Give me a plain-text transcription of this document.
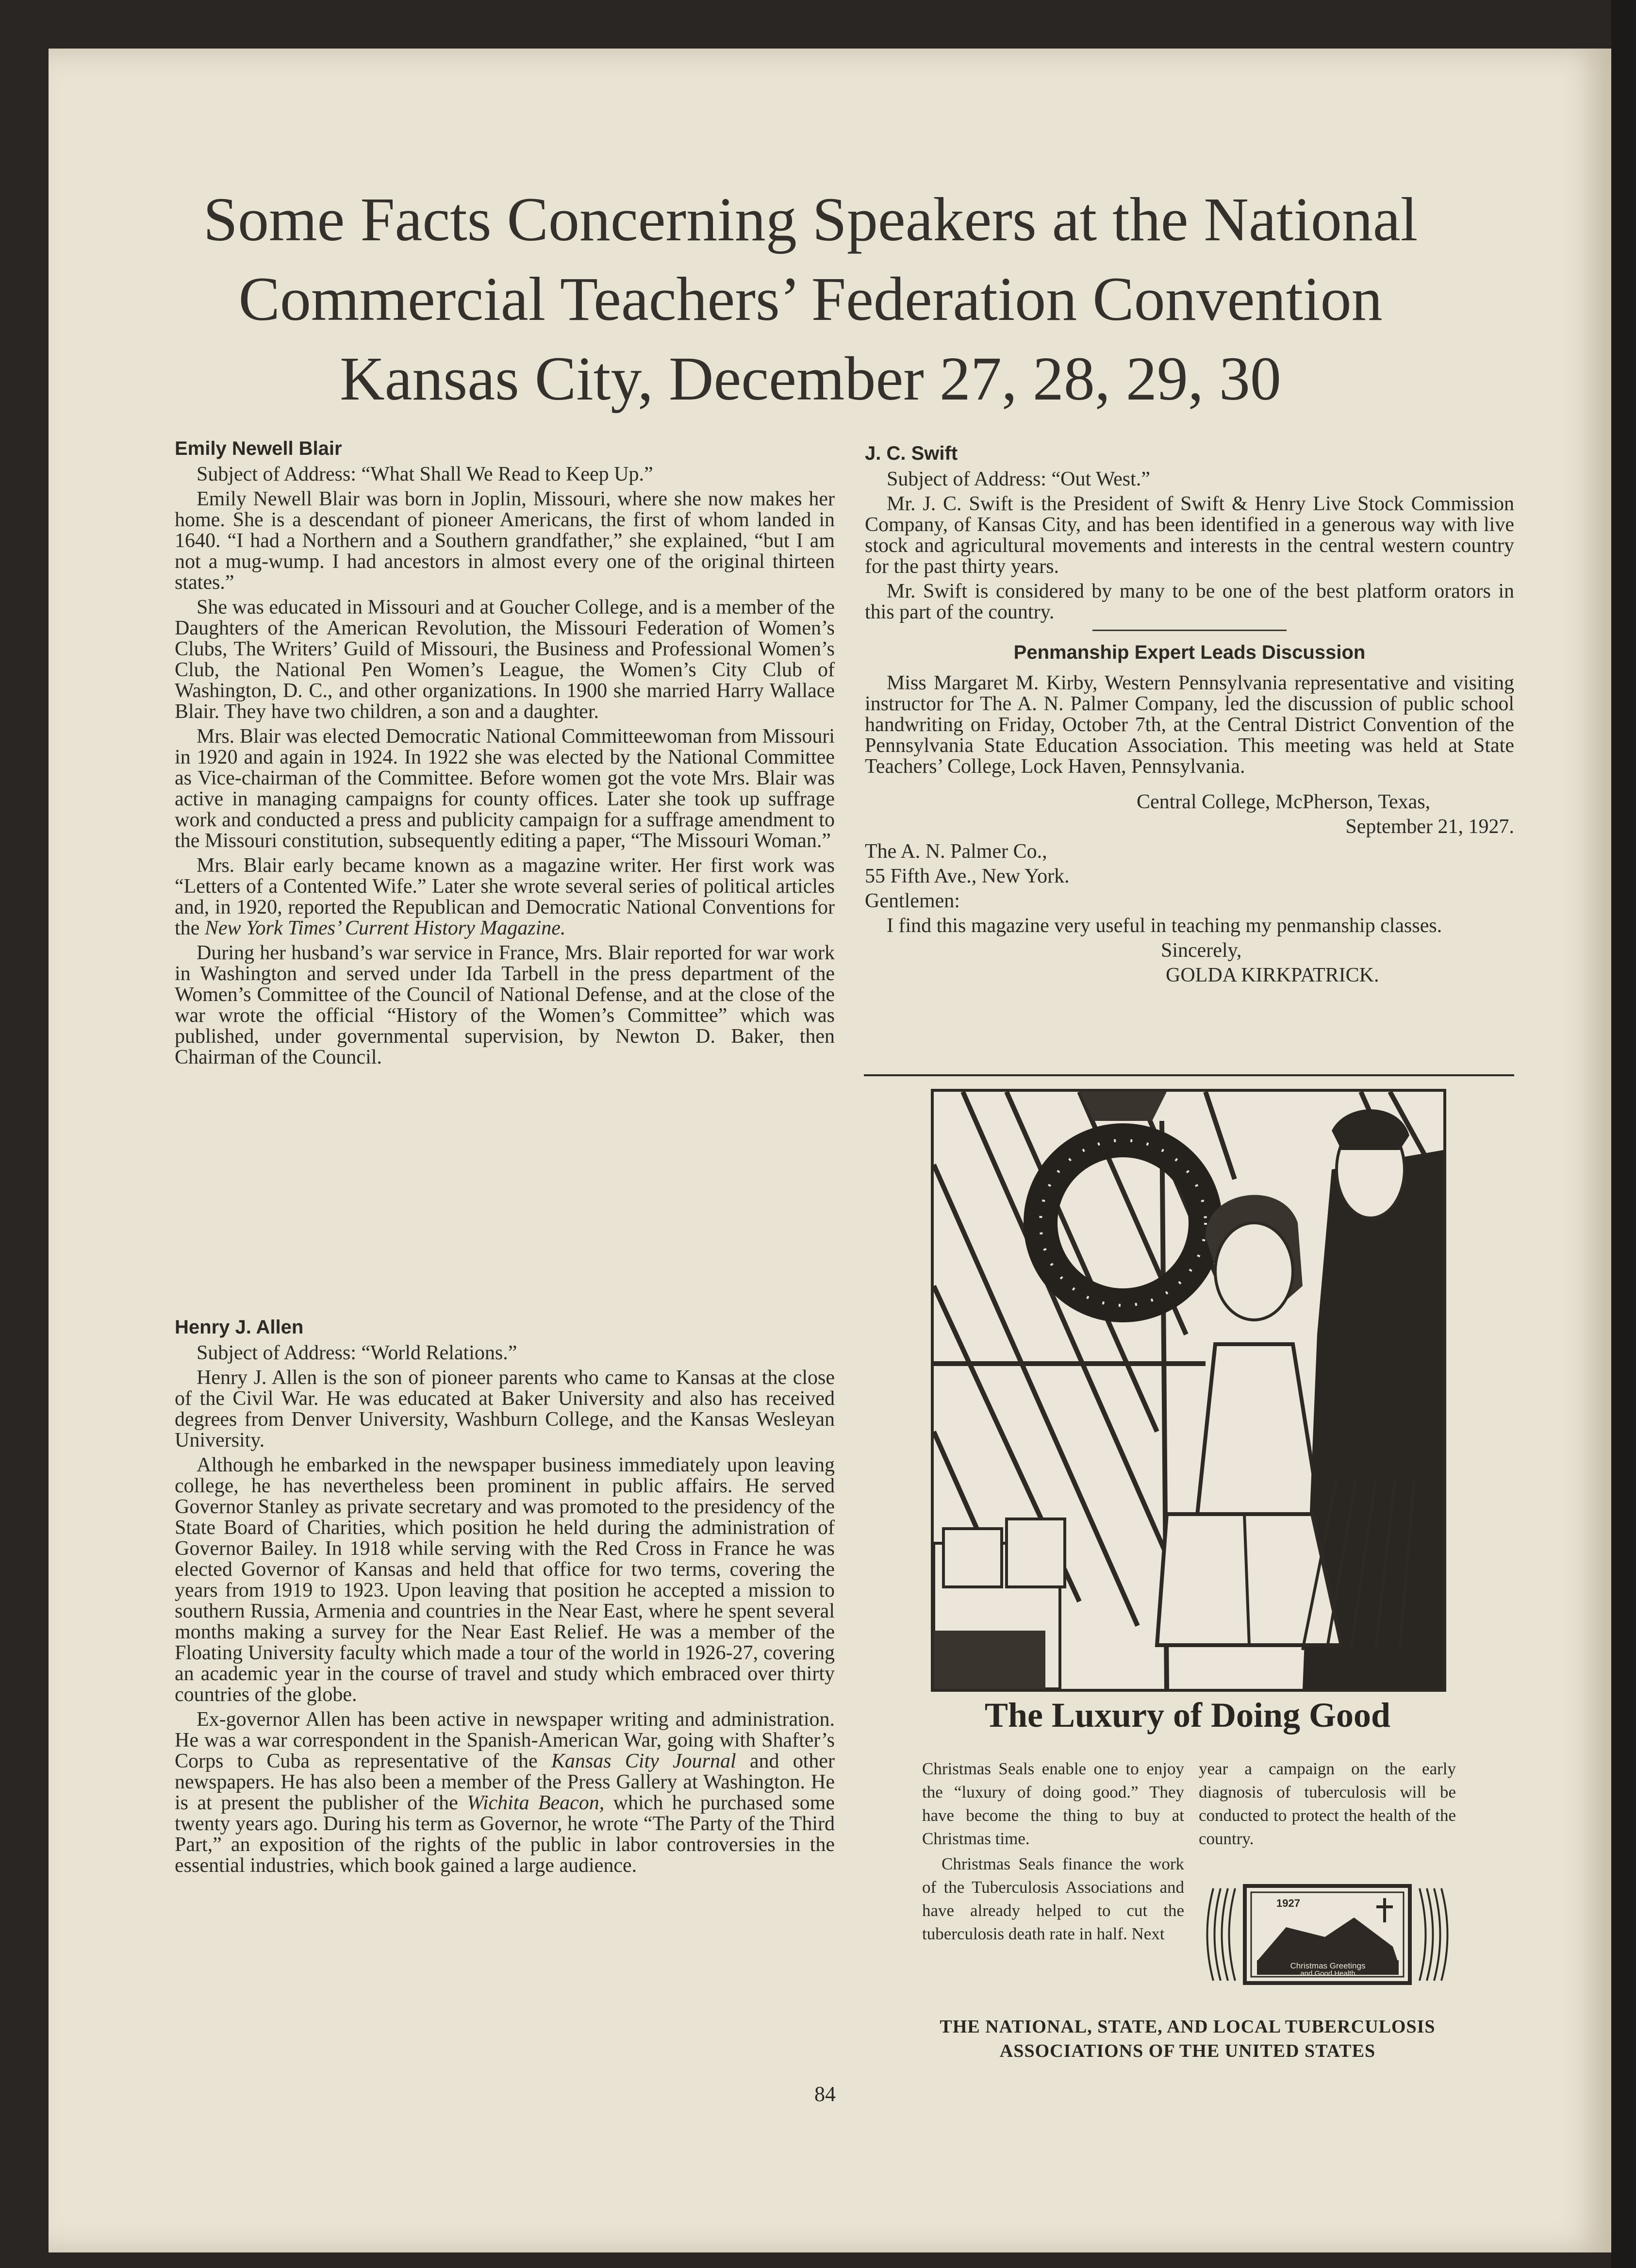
Some Facts Concerning Speakers at the National
Commercial Teachers’ Federation Convention
Kansas City, December 27, 28, 29, 30

Emily Newell Blair

Subject of Address: “What Shall We Read to Keep Up.”

Emily Newell Blair was born in Joplin, Missouri, where she now makes her home. She is a descendant of pioneer Americans, the first of whom landed in 1640. “I had a Northern and a Southern grandfather,” she explained, “but I am not a mug-wump. I had ancestors in almost every one of the original thirteen states.”

She was educated in Missouri and at Goucher College, and is a member of the Daughters of the American Revolution, the Missouri Federation of Women’s Clubs, The Writers’ Guild of Missouri, the Business and Professional Women’s Club, the National Pen Women’s League, the Women’s City Club of Washington, D. C., and other organizations. In 1900 she married Harry Wallace Blair. They have two children, a son and a daughter.

Mrs. Blair was elected Democratic National Committeewoman from Missouri in 1920 and again in 1924. In 1922 she was elected by the National Committee as Vice-chairman of the Committee. Before women got the vote Mrs. Blair was active in managing campaigns for county offices. Later she took up suffrage work and conducted a press and publicity campaign for a suffrage amendment to the Missouri constitution, subsequently editing a paper, “The Missouri Woman.”

Mrs. Blair early became known as a magazine writer. Her first work was “Letters of a Contented Wife.” Later she wrote several series of political articles and, in 1920, reported the Republican and Democratic National Conventions for the New York Times’ Current History Magazine.

During her husband’s war service in France, Mrs. Blair reported for war work in Washington and served under Ida Tarbell in the press department of the Women’s Committee of the Council of National Defense, and at the close of the war wrote the official “History of the Women’s Committee” which was published, under governmental supervision, by Newton D. Baker, then Chairman of the Council.

Henry J. Allen

Subject of Address: “World Relations.”

Henry J. Allen is the son of pioneer parents who came to Kansas at the close of the Civil War. He was educated at Baker University and also has received degrees from Denver University, Washburn College, and the Kansas Wesleyan University.

Although he embarked in the newspaper business immediately upon leaving college, he has nevertheless been prominent in public affairs. He served Governor Stanley as private secretary and was promoted to the presidency of the State Board of Charities, which position he held during the administration of Governor Bailey. In 1918 while serving with the Red Cross in France he was elected Governor of Kansas and held that office for two terms, covering the years from 1919 to 1923. Upon leaving that position he accepted a mission to southern Russia, Armenia and countries in the Near East, where he spent several months making a survey for the Near East Relief. He was a member of the Floating University faculty which made a tour of the world in 1926-27, covering an academic year in the course of travel and study which embraced over thirty countries of the globe.

Ex-governor Allen has been active in newspaper writing and administration. He was a war correspondent in the Spanish-American War, going with Shafter’s Corps to Cuba as representative of the Kansas City Journal and other newspapers. He has also been a member of the Press Gallery at Washington. He is at present the publisher of the Wichita Beacon, which he purchased some twenty years ago. During his term as Governor, he wrote “The Party of the Third Part,” an exposition of the rights of the public in labor controversies in the essential industries, which book gained a large audience.

J. C. Swift

Subject of Address: “Out West.”

Mr. J. C. Swift is the President of Swift & Henry Live Stock Commission Company, of Kansas City, and has been identified in a generous way with live stock and agricultural movements and interests in the central western country for the past thirty years.

Mr. Swift is considered by many to be one of the best platform orators in this part of the country.

Penmanship Expert Leads Discussion

Miss Margaret M. Kirby, Western Pennsylvania representative and visiting instructor for The A. N. Palmer Company, led the discussion of public school handwriting on Friday, October 7th, at the Central District Convention of the Pennsylvania State Education Association. This meeting was held at State Teachers’ College, Lock Haven, Pennsylvania.

Central College, McPherson, Texas,

September 21, 1927.

The A. N. Palmer Co.,

55 Fifth Ave., New York.

Gentlemen:

I find this magazine very useful in teaching my penmanship classes.

Sincerely,

GOLDA KIRKPATRICK.

The Luxury of Doing Good

Christmas Seals enable one to enjoy the “luxury of doing good.” They have become the thing to buy at Christmas time.

Christmas Seals finance the work of the Tuberculosis Associations and have already helped to cut the tuberculosis death rate in half. Next

year a campaign on the early diagnosis of tuberculosis will be conducted to protect the health of the country.

1927
Christmas Greetings
and Good Health
THE NATIONAL, STATE, AND LOCAL TUBERCULOSIS
ASSOCIATIONS OF THE UNITED STATES
84
